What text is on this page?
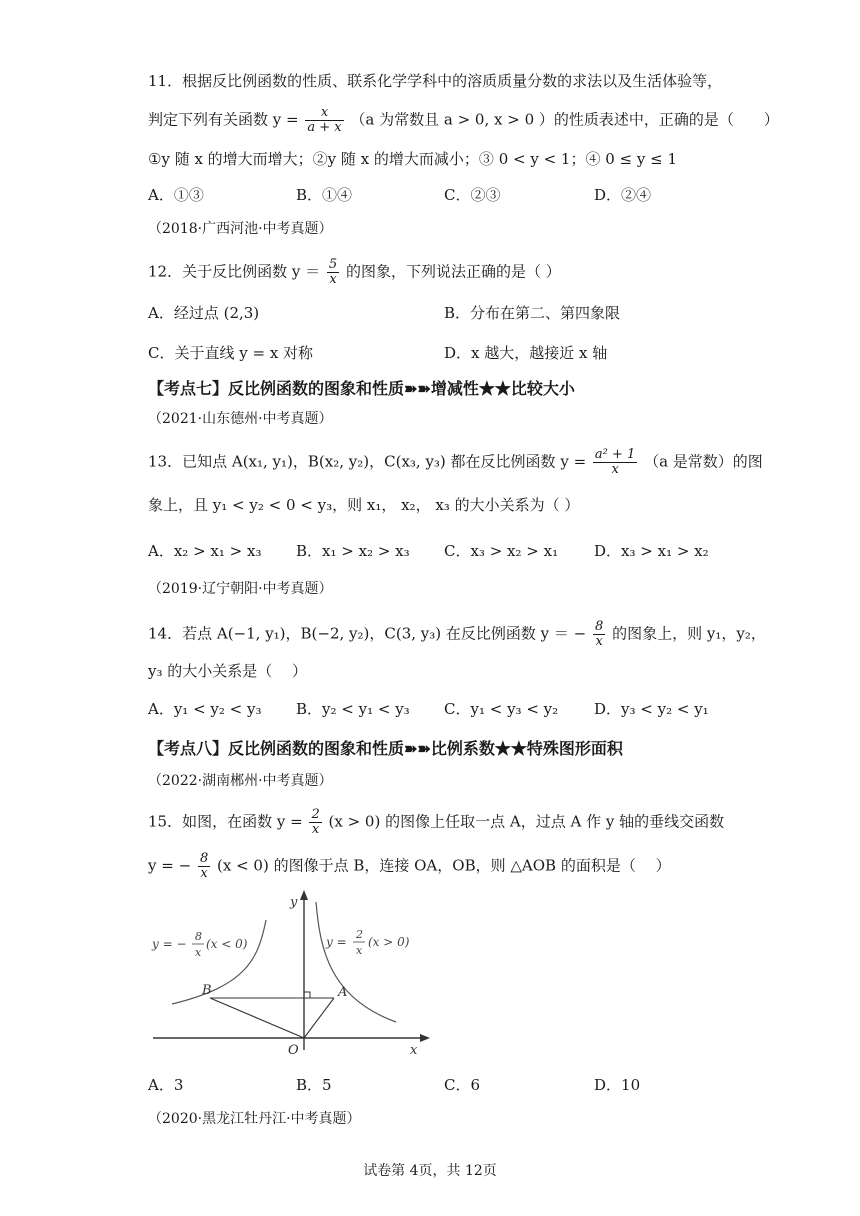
11．根据反比例函数的性质、联系化学学科中的溶质质量分数的求法以及生活体验等，
判定下列有关函数 $y = \frac{x}{a + x} (a$ 为常数且 a > 0, x > 0 ）的性质表述中，正确的是（　　）
①y 随 x 的增大而增大；②y 随 x 的增大而减小；③ 0 < y < 1；④ 0 ≤ y ≤ 1
A．①③	B．①④	C．②③	D．②④
（2018·广西河池·中考真题）
12．关于反比例函数 $y = \frac{5}{x}$ 的图象，下列说法正确的是（ ）
A．经过点 (2,3)	B．分布在第二、第四象限
C．关于直线 y = x 对称	D．x 越大，越接近 x 轴
【考点七】反比例函数的图象和性质➽➽增减性★★比较大小
（2021·山东德州·中考真题）
13．已知点 A(x₁, y₁)，B(x₂, y₂)，C(x₃, y₃) 都在反比例函数 $y = \frac{\text{a² + 1}}{x} (a$ 是常数）的图
象上，且 y₁ < y₂ < 0 < y₃，则 x₁， x₂， x₃ 的大小关系为（ ）
A．x₂ > x₁ > x₃ B．x₁ > x₂ > x₃ C．x₃ > x₂ > x₁ D．x₃ > x₁ > x₂
（2019·辽宁朝阳·中考真题）
14．若点 A(−1, y₁)，B(−2, y₂)，C(3, y₃) 在反比例函数 y ＝ − $\frac{8}{x}$ 的图象上，则 y₁，y₂，
y₃ 的大小关系是（　 ）
A．y₁ < y₂ < y₃ B．y₂ < y₁ < y₃ C．y₁ < y₃ < y₂ D．y₃ < y₂ < y₁
【考点八】反比例函数的图象和性质➽➽比例系数★★特殊图形面积
（2022·湖南郴州·中考真题）
15．如图，在函数 $y = \frac{2}{x} (x > 0)$ 的图像上任取一点 A，过点 A 作 y 轴的垂线交函数
y = − $\frac{8}{x} (x < 0)$ 的图像于点 B，连接 OA，OB，则 △AOB 的面积是（　 ）
y
x
O
A
B
y = −
8
x
(x < 0)	y =
2
x
(x > 0)
A．3	B．5	C．6	D．10
（2020·黑龙江牡丹江·中考真题）
试卷第 4页，共 12页
